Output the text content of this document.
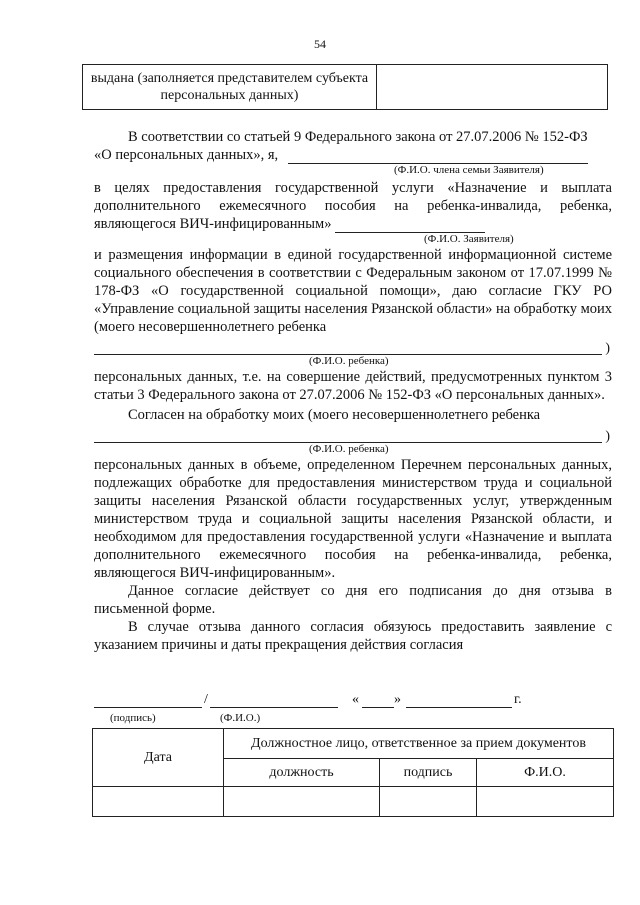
54
выдана (заполняется представителем субъекта персональных данных)	

В соответствии со статьей 9 Федерального закона от 27.07.2006 № 152-ФЗ

«О персональных данных», я,

(Ф.И.О. члена семьи Заявителя)

в целях предоставления государственной услуги «Назначение и выплата дополнительного ежемесячного пособия на ребенка-инвалида, ребенка, являющегося ВИЧ-инфицированным»

(Ф.И.О. Заявителя)

и размещения информации в единой государственной информационной системе социального обеспечения в соответствии с Федеральным законом от 17.07.1999 № 178-ФЗ «О государственной социальной помощи», даю согласие ГКУ РО «Управление социальной защиты населения Рязанской области» на обработку моих (моего несовершеннолетнего ребенка

)
(Ф.И.О. ребенка)

персональных данных, т.е. на совершение действий, предусмотренных пунктом 3 статьи 3 Федерального закона от 27.07.2006 № 152-ФЗ «О персональных данных».

Согласен на обработку моих (моего несовершеннолетнего ребенка

)
(Ф.И.О. ребенка)

персональных данных в объеме, определенном Перечнем персональных данных, подлежащих обработке для предоставления министерством труда и социальной защиты населения Рязанской области государственных услуг, утвержденным министерством труда и социальной защиты населения Рязанской области, и необходимом для предоставления государственной услуги «Назначение и выплата дополнительного ежемесячного пособия на ребенка-инвалида, ребенка, являющегося ВИЧ-инфицированным».

Данное согласие действует со дня его подписания до дня отзыва в письменной форме.

В случае отзыва данного согласия обязуюсь предоставить заявление с указанием причины и даты прекращения действия согласия

/	«	»	г.
(подпись)	(Ф.И.О.)
Дата	Должностное лицо, ответственное за прием документов		
	должность	подпись	Ф.И.О.
